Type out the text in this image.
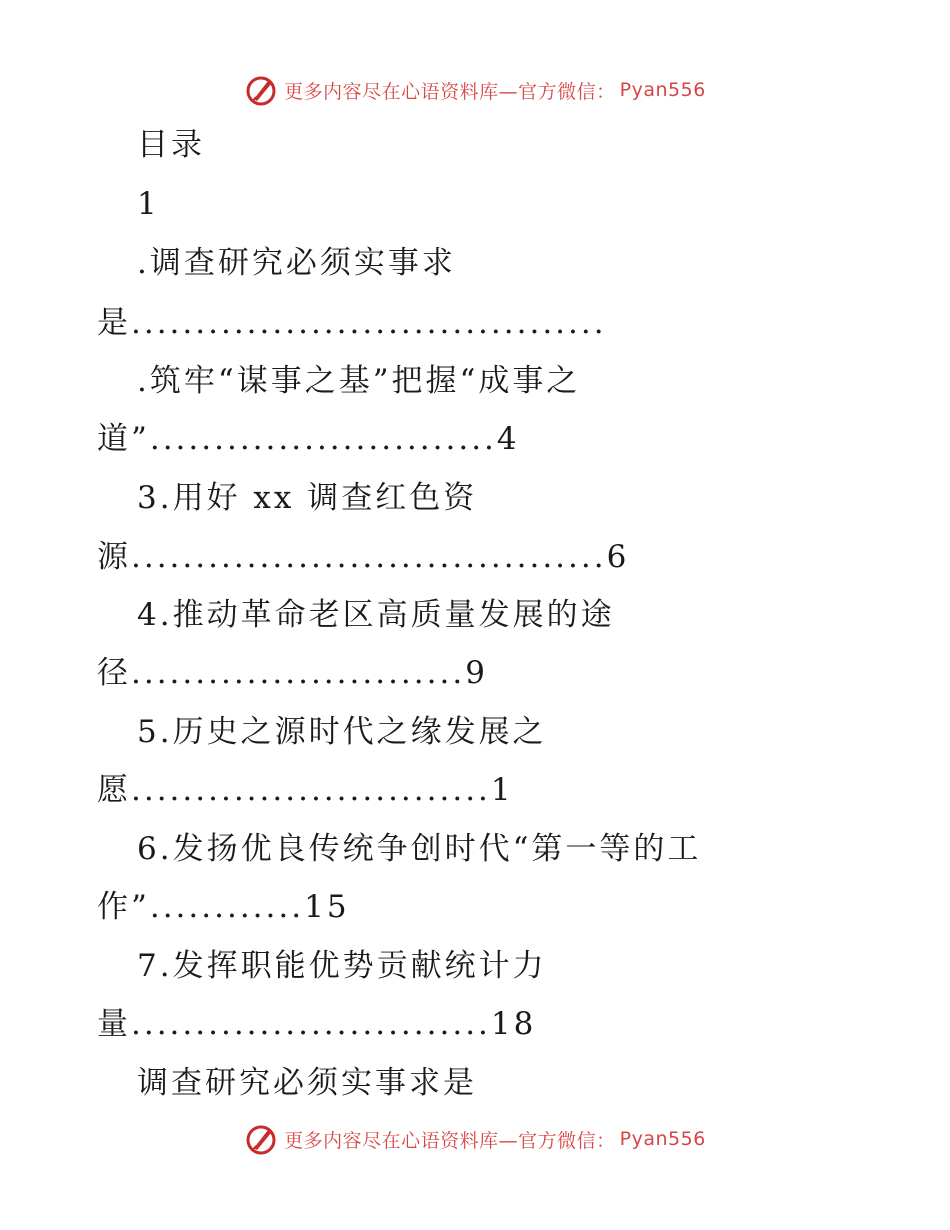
更多内容尽在心语资料库—官方微信： Pyan556
目录
1
.调查研究必须实事求
是.....................................
.筑牢“谋事之基”把握“成事之
道”...........................4
3.用好 xx 调查红色资
源.....................................6
4.推动革命老区高质量发展的途
径..........................9
5.历史之源时代之缘发展之
愿............................1
6.发扬优良传统争创时代“第一等的工
作”............15
7.发挥职能优势贡献统计力
量............................18
调查研究必须实事求是
更多内容尽在心语资料库—官方微信： Pyan556
